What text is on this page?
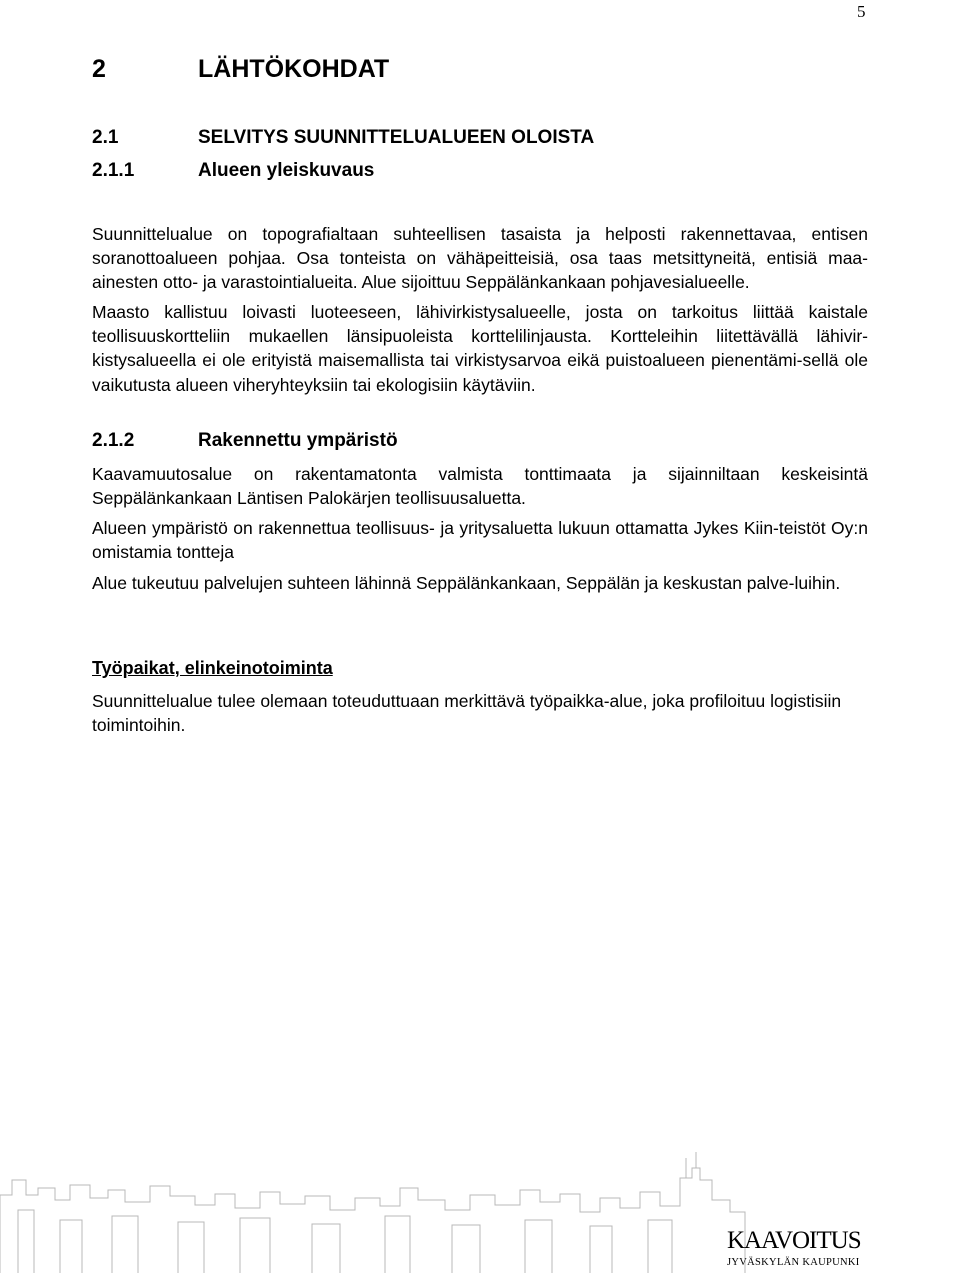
5
2	LÄHTÖKOHDAT
2.1	SELVITYS SUUNNITTELUALUEEN OLOISTA
2.1.1	Alueen yleiskuvaus

Suunnittelualue on topografialtaan suhteellisen tasaista ja helposti rakennettavaa, entisen soranottoalueen pohjaa. Osa tonteista on vähäpeitteisiä, osa taas metsittyneitä, entisiä maa-ainesten otto- ja varastointialueita. Alue sijoittuu Seppälänkankaan pohjavesialueelle.

Maasto kallistuu loivasti luoteeseen, lähivirkistysalueelle, josta on tarkoitus liittää kaistale teollisuuskortteliin mukaellen länsipuoleista korttelilinjausta. Kortteleihin liitettävällä lähivir-kistysalueella ei ole erityistä maisemallista tai virkistysarvoa eikä puistoalueen pienentämi-sellä ole vaikutusta alueen viheryhteyksiin tai ekologisiin käytäviin.

2.1.2	Rakennettu ympäristö

Kaavamuutosalue on rakentamatonta valmista tonttimaata ja sijainniltaan keskeisintä Seppälänkankaan Läntisen Palokärjen teollisuusaluetta.

Alueen ympäristö on rakennettua teollisuus- ja yritysaluetta lukuun ottamatta Jykes Kiin-teistöt Oy:n omistamia tontteja

Alue tukeutuu palvelujen suhteen lähinnä Seppälänkankaan, Seppälän ja keskustan palve-luihin.

Työpaikat, elinkeinotoiminta

Suunnittelualue tulee olemaan toteuduttuaan merkittävä työpaikka-alue, joka profiloituu logistisiin toimintoihin.

KAAVOITUS
JYVÄSKYLÄN KAUPUNKI
